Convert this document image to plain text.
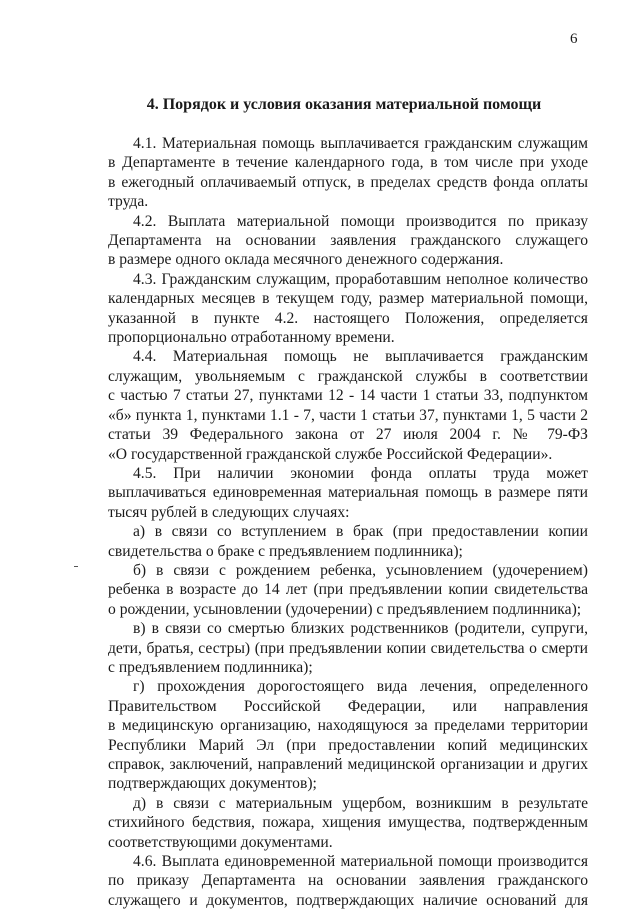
6
4. Порядок и условия оказания материальной помощи
4.1. Материальная помощь выплачивается гражданским служащим
в Департаменте в течение календарного года, в том числе при уходе
в ежегодный оплачиваемый отпуск, в пределах средств фонда оплаты
труда.
4.2. Выплата материальной помощи производится по приказу
Департамента на основании заявления гражданского служащего
в размере одного оклада месячного денежного содержания.
4.3. Гражданским служащим, проработавшим неполное количество
календарных месяцев в текущем году, размер материальной помощи,
указанной в пункте 4.2. настоящего Положения, определяется
пропорционально отработанному времени.
4.4. Материальная помощь не выплачивается гражданским
служащим, увольняемым с гражданской службы в соответствии
с частью 7 статьи 27, пунктами 12 - 14 части 1 статьи 33, подпунктом
«б» пункта 1, пунктами 1.1 - 7, части 1 статьи 37, пунктами 1, 5 части 2
статьи 39 Федерального закона от 27 июля 2004 г. № 79-ФЗ
«О государственной гражданской службе Российской Федерации».
4.5. При наличии экономии фонда оплаты труда может
выплачиваться единовременная материальная помощь в размере пяти
тысяч рублей в следующих случаях:
а) в связи со вступлением в брак (при предоставлении копии
свидетельства о браке с предъявлением подлинника);
б) в связи с рождением ребенка, усыновлением (удочерением)
ребенка в возрасте до 14 лет (при предъявлении копии свидетельства
о рождении, усыновлении (удочерении) с предъявлением подлинника);
в) в связи со смертью близких родственников (родители, супруги,
дети, братья, сестры) (при предъявлении копии свидетельства о смерти
с предъявлением подлинника);
г) прохождения дорогостоящего вида лечения, определенного
Правительством Российской Федерации, или направления
в медицинскую организацию, находящуюся за пределами территории
Республики Марий Эл (при предоставлении копий медицинских
справок, заключений, направлений медицинской организации и других
подтверждающих документов);
д) в связи с материальным ущербом, возникшим в результате
стихийного бедствия, пожара, хищения имущества, подтвержденным
соответствующими документами.
4.6. Выплата единовременной материальной помощи производится
по приказу Департамента на основании заявления гражданского
служащего и документов, подтверждающих наличие оснований для
